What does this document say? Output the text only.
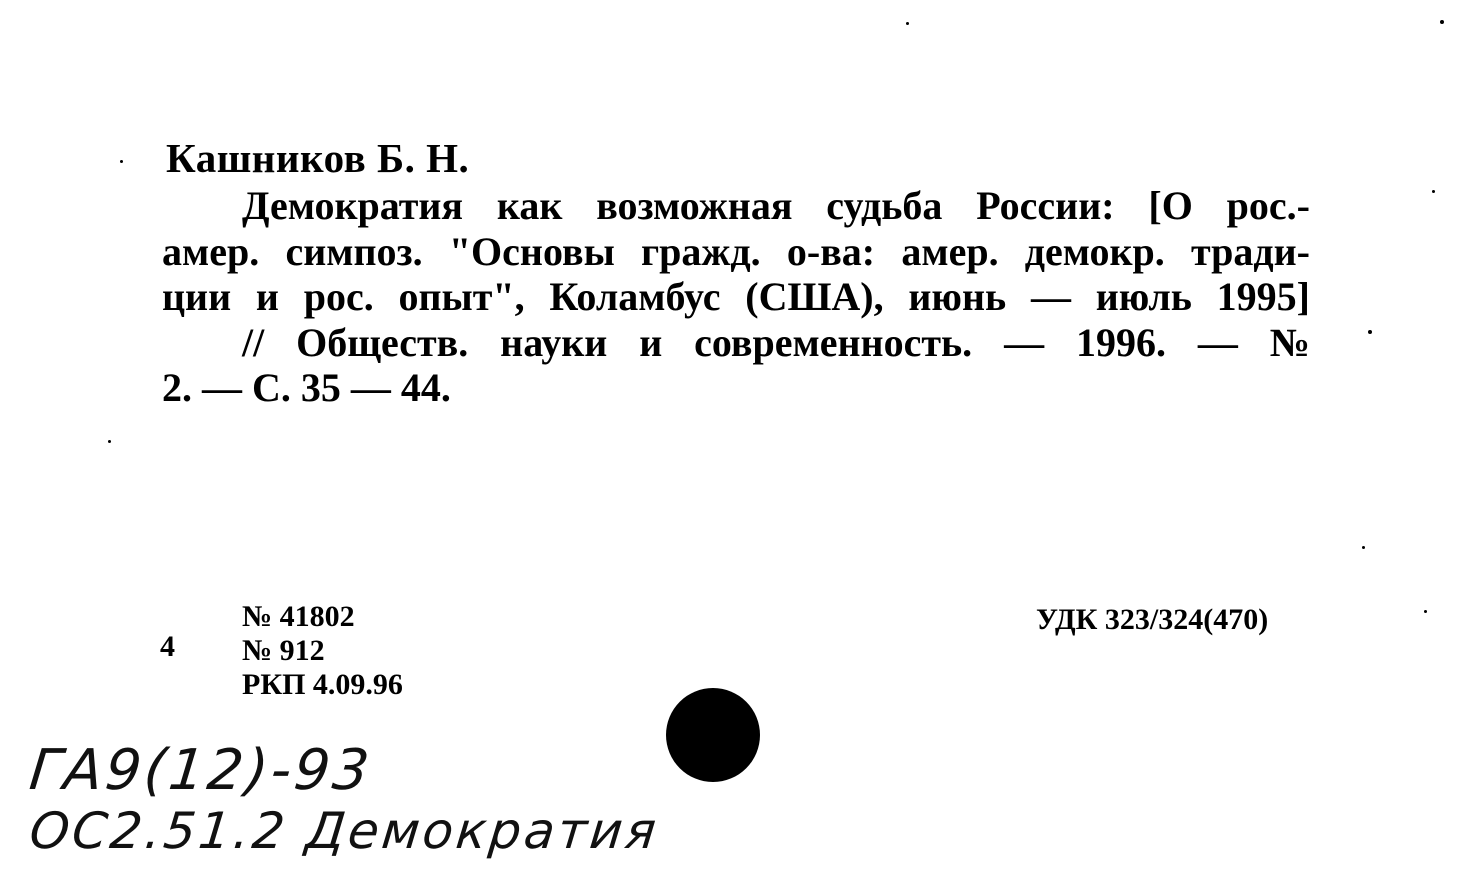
Кашников Б. Н.
Демократия как возможная судьба России: [О рос.-
амер. симпоз. "Основы гражд. о-ва: амер. демокр. тради-
ции и рос. опыт", Коламбус (США), июнь — июль 1995]
// Обществ. науки и современность. — 1996. — №
2. — С. 35 — 44.
4
№ 41802
№ 912
РКП 4.09.96
УДК 323/324(470)
ГА9(12)-93
ОС2.51.2 Демократия
